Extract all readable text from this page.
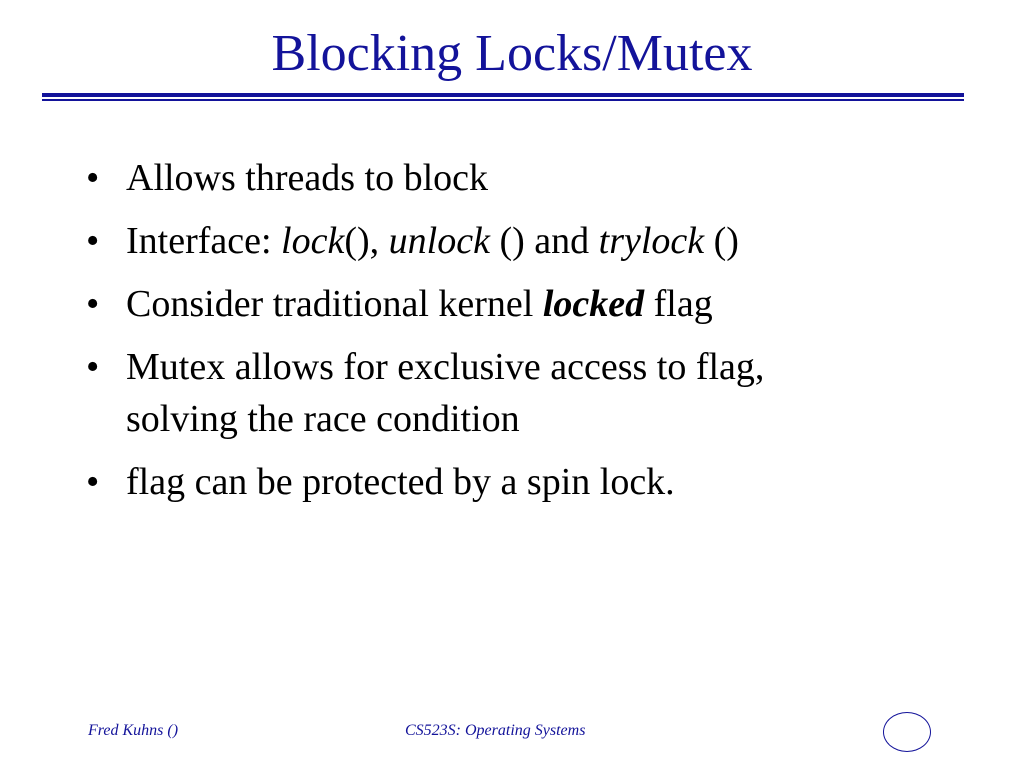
Blocking Locks/Mutex
• Allows threads to block
• Interface: lock(), unlock () and trylock ()
• Consider traditional kernel locked flag
• Mutex allows for exclusive access to flag,
solving the race condition
• flag can be protected by a spin lock.
Fred Kuhns ()	CS523S: Operating Systems
